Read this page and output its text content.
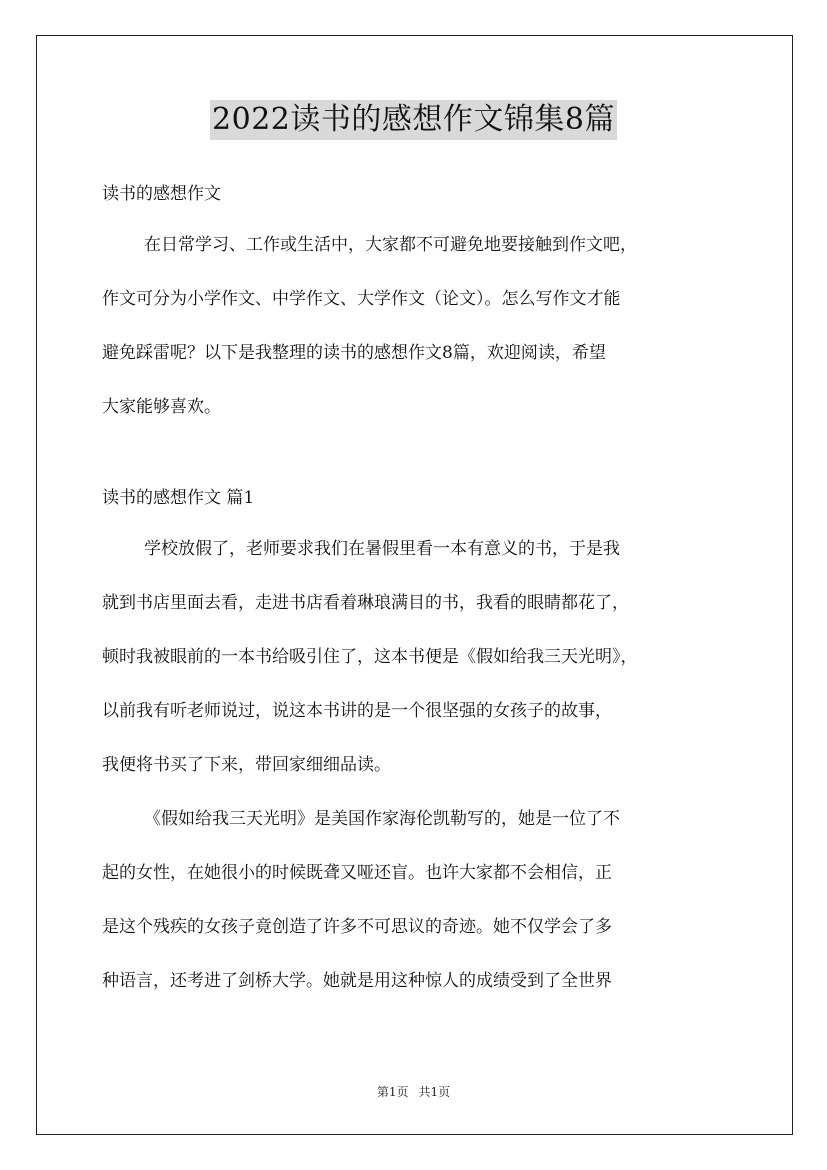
2022读书的感想作文锦集8篇

读书的感想作文

在日常学习、工作或生活中，大家都不可避免地要接触到作文吧，
作文可分为小学作文、中学作文、大学作文（论文）。怎么写作文才能
避免踩雷呢？以下是我整理的读书的感想作文8篇，欢迎阅读，希望
大家能够喜欢。

读书的感想作文 篇1

学校放假了，老师要求我们在暑假里看一本有意义的书，于是我
就到书店里面去看，走进书店看着琳琅满目的书，我看的眼睛都花了，
顿时我被眼前的一本书给吸引住了，这本书便是《假如给我三天光明》，
以前我有听老师说过，说这本书讲的是一个很坚强的女孩子的故事，
我便将书买了下来，带回家细细品读。

《假如给我三天光明》是美国作家海伦凯勒写的，她是一位了不
起的女性，在她很小的时候既聋又哑还盲。也许大家都不会相信，正
是这个残疾的女孩子竟创造了许多不可思议的奇迹。她不仅学会了多
种语言，还考进了剑桥大学。她就是用这种惊人的成绩受到了全世界

第1页 共1页
